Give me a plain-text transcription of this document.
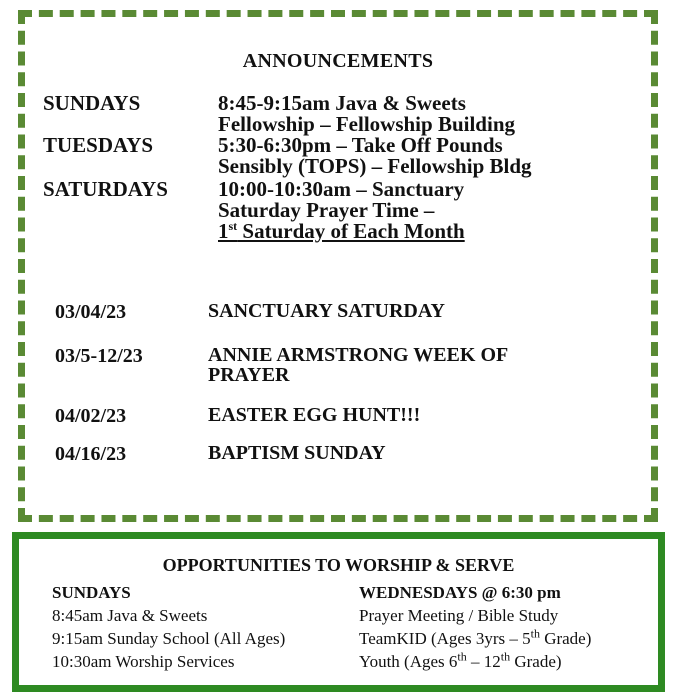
ANNOUNCEMENTS
SUNDAYS	8:45-9:15am Java & Sweets
Fellowship – Fellowship Building
TUESDAYS	5:30-6:30pm – Take Off Pounds
Sensibly (TOPS) – Fellowship Bldg
SATURDAYS	10:00-10:30am – Sanctuary
Saturday Prayer Time –
1st Saturday of Each Month
03/04/23	SANCTUARY SATURDAY
03/5-12/23	ANNIE ARMSTRONG WEEK OF PRAYER
04/02/23	EASTER EGG HUNT!!!
04/16/23	BAPTISM SUNDAY
OPPORTUNITIES TO WORSHIP & SERVE
SUNDAYS
8:45am Java & Sweets
9:15am Sunday School (All Ages)
10:30am Worship Services
WEDNESDAYS @ 6:30 pm
Prayer Meeting / Bible Study
TeamKID (Ages 3yrs – 5th Grade)
Youth (Ages 6th – 12th Grade)
